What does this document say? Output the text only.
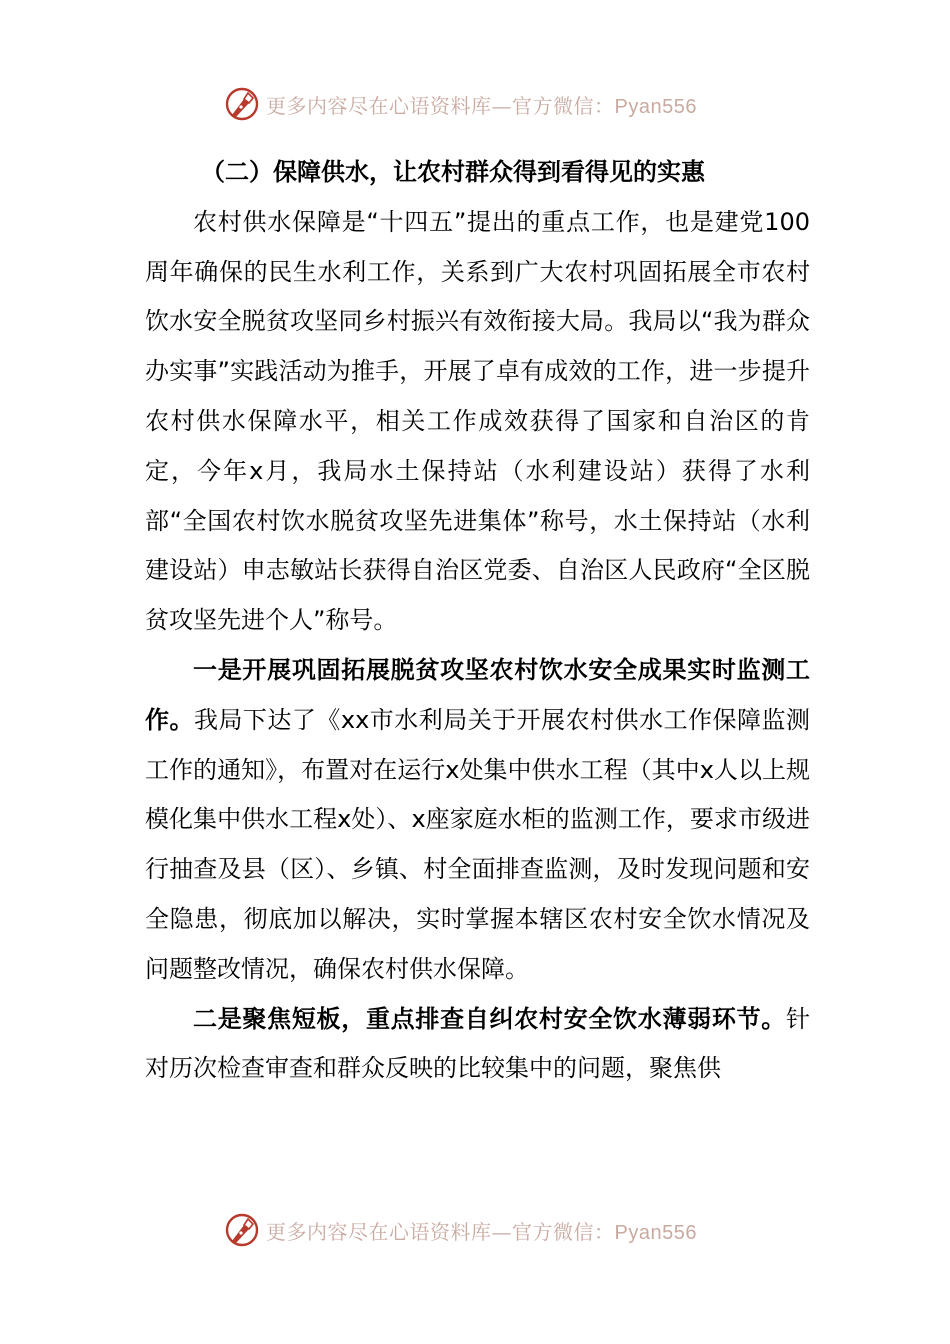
更多内容尽在心语资料库—官方微信：Pyan556

（二）保障供水，让农村群众得到看得见的实惠

农村供水保障是“十四五”提出的重点工作，也是建党100周年确保的民生水利工作，关系到广大农村巩固拓展全市农村饮水安全脱贫攻坚同乡村振兴有效衔接大局。我局以“我为群众办实事”实践活动为推手，开展了卓有成效的工作，进一步提升农村供水保障水平，相关工作成效获得了国家和自治区的肯定，今年x月，我局水土保持站（水利建设站）获得了水利部“全国农村饮水脱贫攻坚先进集体”称号，水土保持站（水利建设站）申志敏站长获得自治区党委、自治区人民政府“全区脱贫攻坚先进个人”称号。

一是开展巩固拓展脱贫攻坚农村饮水安全成果实时监测工作。我局下达了《xx市水利局关于开展农村供水工作保障监测工作的通知》，布置对在运行x处集中供水工程（其中x人以上规模化集中供水工程x处）、x座家庭水柜的监测工作，要求市级进行抽查及县（区）、乡镇、村全面排查监测，及时发现问题和安全隐患，彻底加以解决，实时掌握本辖区农村安全饮水情况及问题整改情况，确保农村供水保障。

二是聚焦短板，重点排查自纠农村安全饮水薄弱环节。针对历次检查审查和群众反映的比较集中的问题，聚焦供

更多内容尽在心语资料库—官方微信：Pyan556
